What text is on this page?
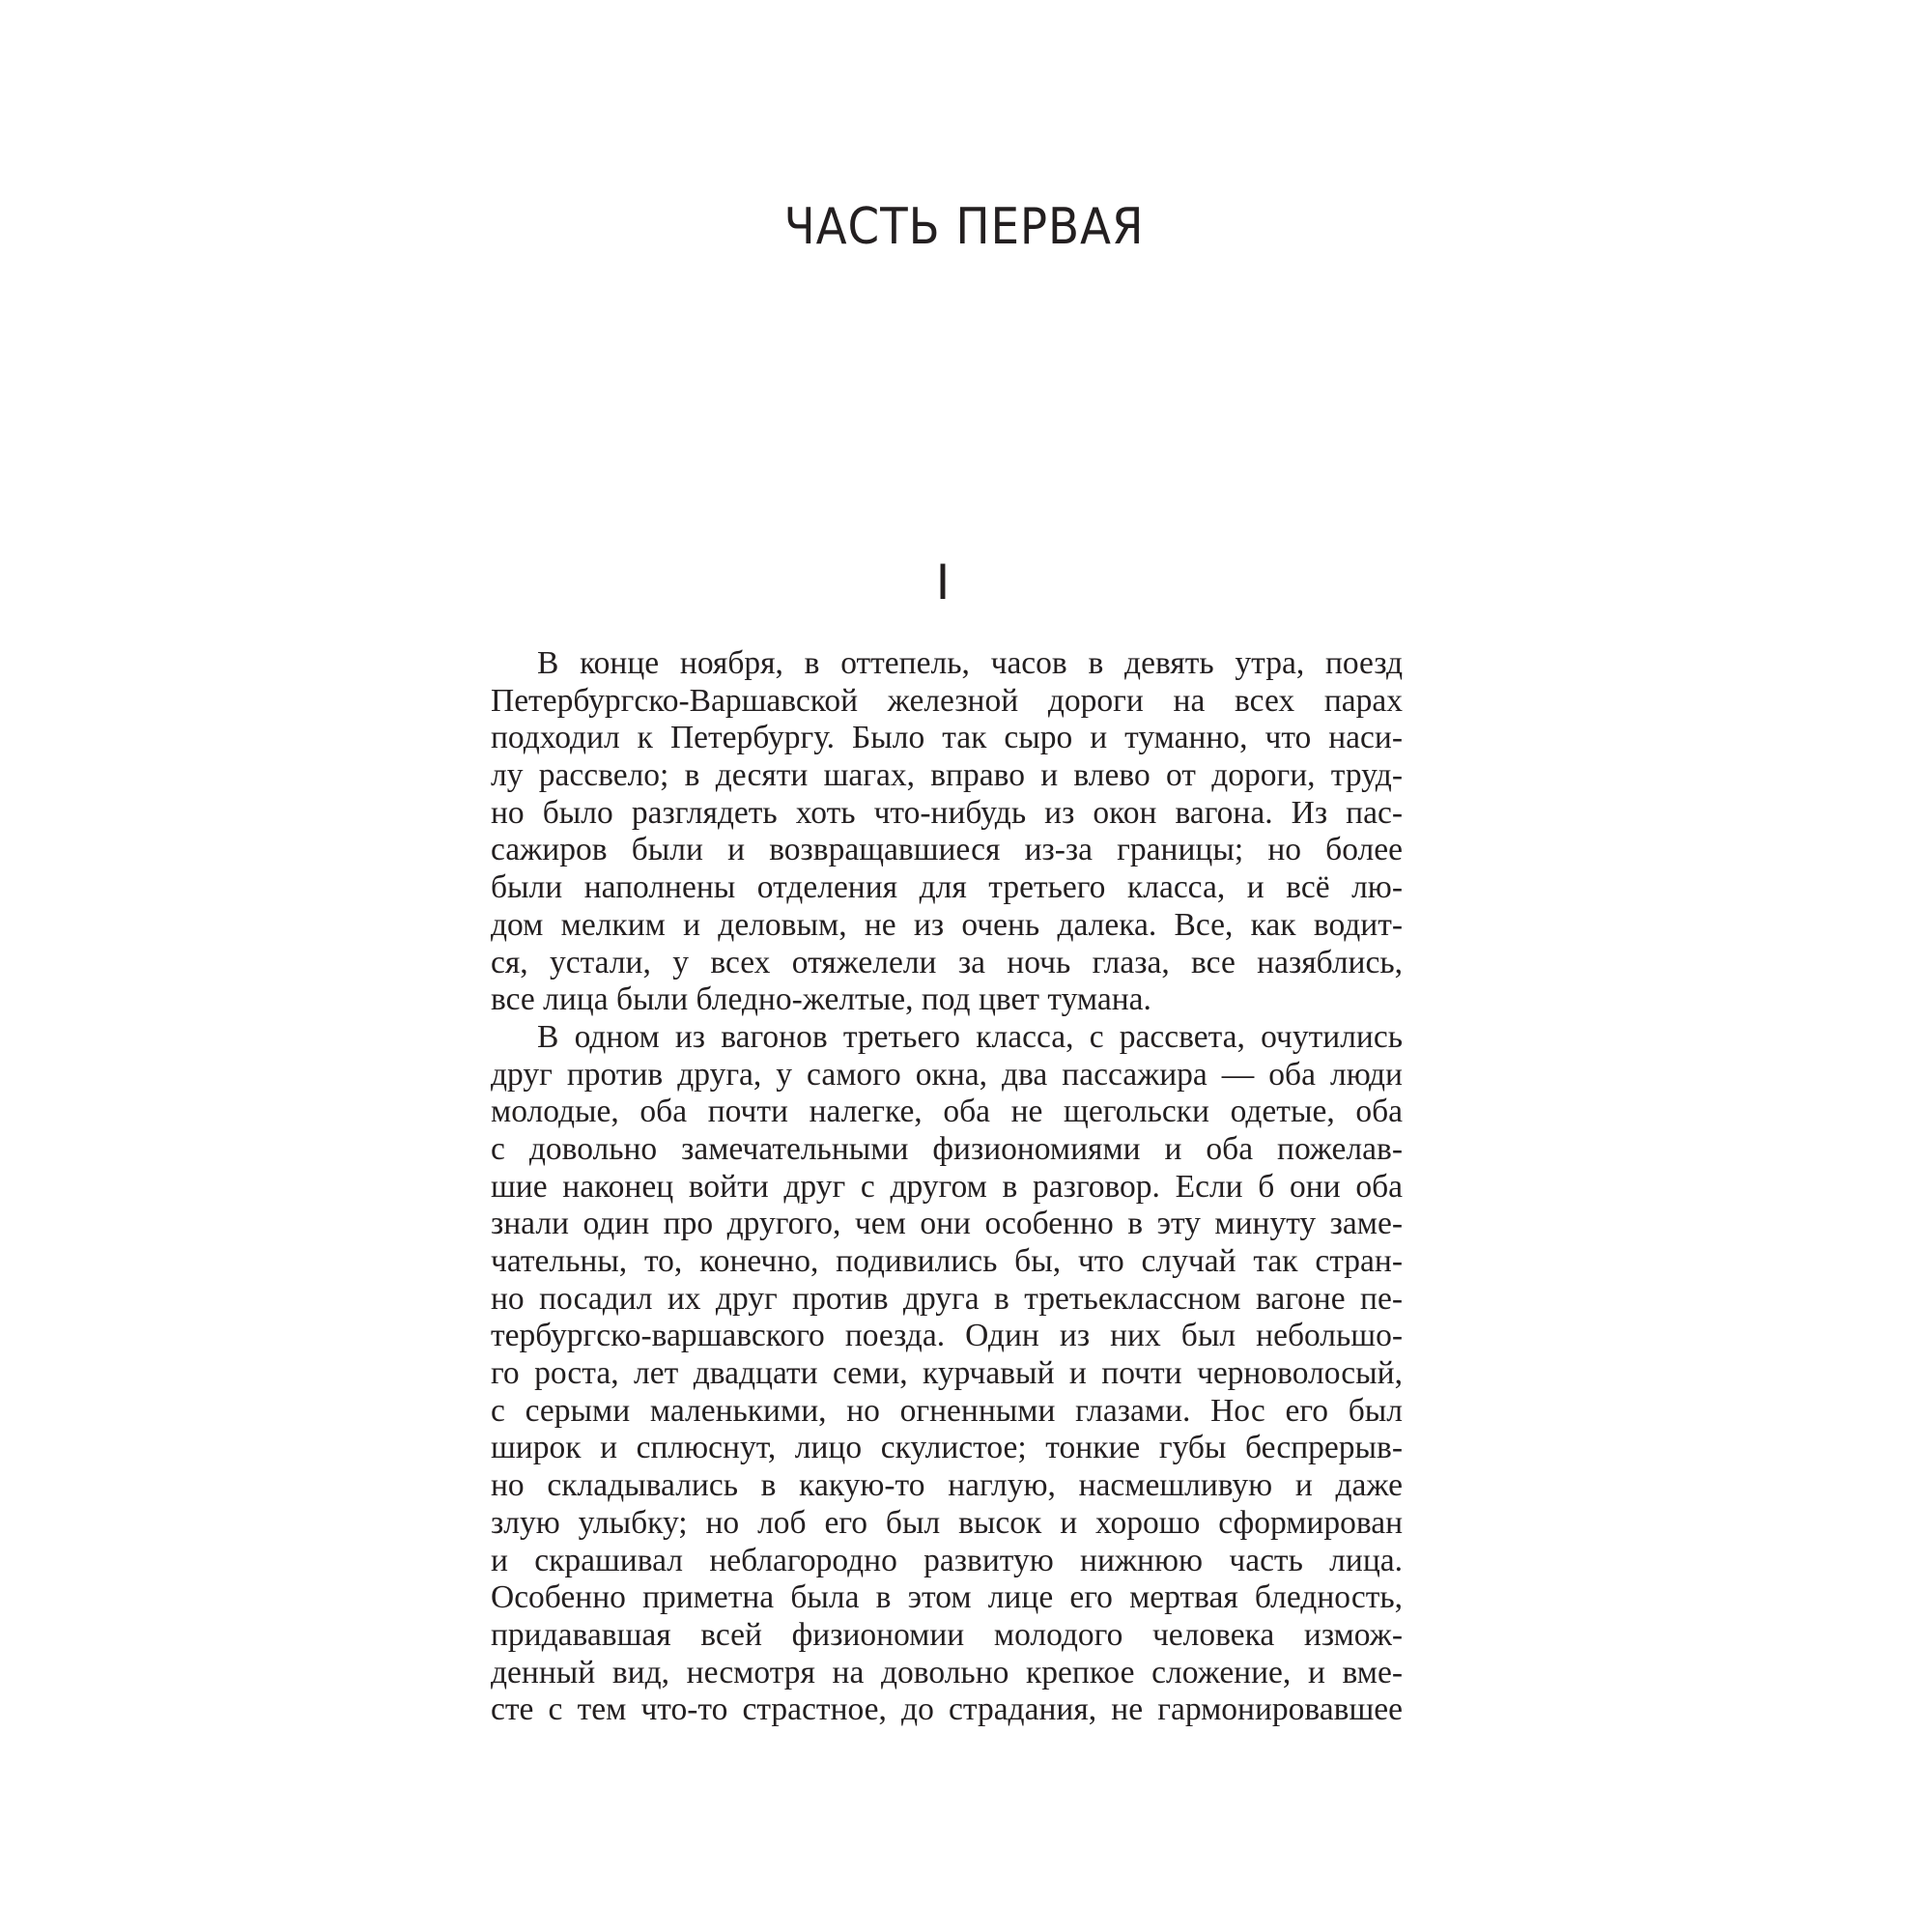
ЧАСТЬ ПЕРВАЯ
I
В конце ноября, в оттепель, часов в девять утра, поезд
Петербургско-Варшавской железной дороги на всех парах
подходил к Петербургу. Было так сыро и туманно, что наси-
лу рассвело; в десяти шагах, вправо и влево от дороги, труд-
но было разглядеть хоть что-нибудь из окон вагона. Из пас-
сажиров были и возвращавшиеся из-за границы; но более
были наполнены отделения для третьего класса, и всё лю-
дом мелким и деловым, не из очень далека. Все, как водит-
ся, устали, у всех отяжелели за ночь глаза, все назяблись,
все лица были бледно-желтые, под цвет тумана.
В одном из вагонов третьего класса, с рассвета, очутились
друг против друга, у самого окна, два пассажира — оба люди
молодые, оба почти налегке, оба не щегольски одетые, оба
с довольно замечательными физиономиями и оба пожелав-
шие наконец войти друг с другом в разговор. Если б они оба
знали один про другого, чем они особенно в эту минуту заме-
чательны, то, конечно, подивились бы, что случай так стран-
но посадил их друг против друга в третьеклассном вагоне пе-
тербургско-варшавского поезда. Один из них был небольшо-
го роста, лет двадцати семи, курчавый и почти черноволосый,
с серыми маленькими, но огненными глазами. Нос его был
широк и сплюснут, лицо скулистое; тонкие губы беспрерыв-
но складывались в какую-то наглую, насмешливую и даже
злую улыбку; но лоб его был высок и хорошо сформирован
и скрашивал неблагородно развитую нижнюю часть лица.
Особенно приметна была в этом лице его мертвая бледность,
придававшая всей физиономии молодого человека измож-
денный вид, несмотря на довольно крепкое сложение, и вме-
сте с тем что-то страстное, до страдания, не гармонировавшее
